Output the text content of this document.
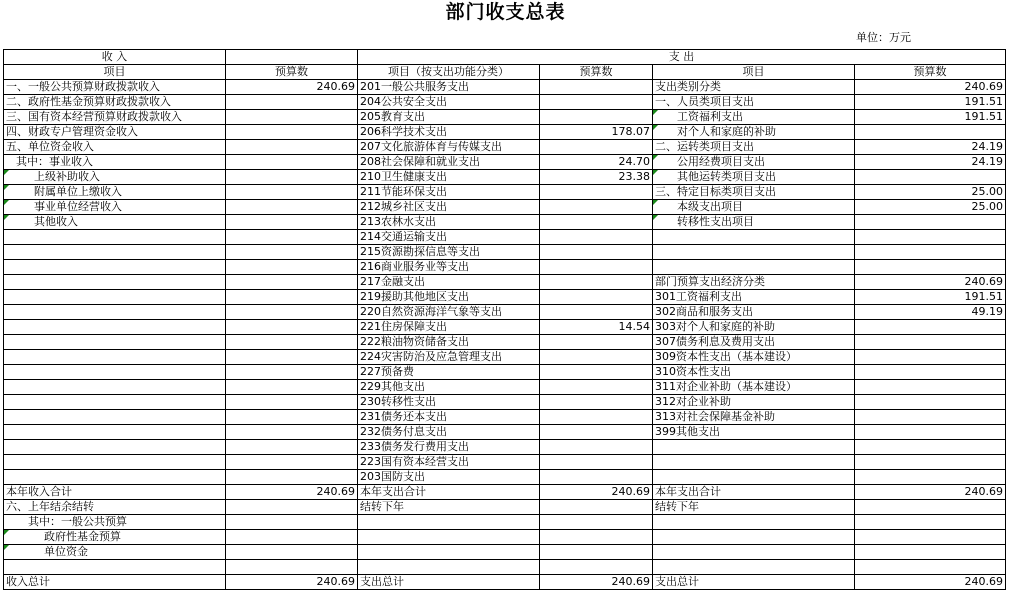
部门收支总表
单位：万元
收 入		支 出			
项目	预算数	项目（按支出功能分类）	预算数	项目	预算数
一、一般公共预算财政拨款收入	240.69	201一般公共服务支出		支出类别分类	240.69
二、政府性基金预算财政拨款收入		204公共安全支出		一、人员类项目支出	191.51
三、国有资本经营预算财政拨款收入		205教育支出		工资福利支出	191.51
四、财政专户管理资金收入		206科学技术支出	178.07	对个人和家庭的补助	
五、单位资金收入		207文化旅游体育与传媒支出		二、运转类项目支出	24.19
其中：事业收入		208社会保障和就业支出	24.70	公用经费项目支出	24.19
上级补助收入		210卫生健康支出	23.38	其他运转类项目支出	
附属单位上缴收入		211节能环保支出		三、特定目标类项目支出	25.00
事业单位经营收入		212城乡社区支出		本级支出项目	25.00
其他收入		213农林水支出		转移性支出项目	
		214交通运输支出			
		215资源勘探信息等支出			
		216商业服务业等支出			
		217金融支出		部门预算支出经济分类	240.69
		219援助其他地区支出		301工资福利支出	191.51
		220自然资源海洋气象等支出		302商品和服务支出	49.19
		221住房保障支出	14.54	303对个人和家庭的补助	
		222粮油物资储备支出		307债务利息及费用支出	
		224灾害防治及应急管理支出		309资本性支出（基本建设）	
		227预备费		310资本性支出	
		229其他支出		311对企业补助（基本建设）	
		230转移性支出		312对企业补助	
		231债务还本支出		313对社会保障基金补助	
		232债务付息支出		399其他支出	
		233债务发行费用支出			
		223国有资本经营支出			
		203国防支出			
本年收入合计	240.69	本年支出合计	240.69	本年支出合计	240.69
六、上年结余结转		结转下年		结转下年	
其中：一般公共预算					
政府性基金预算					
单位资金					

收入总计	240.69	支出总计	240.69	支出总计	240.69
